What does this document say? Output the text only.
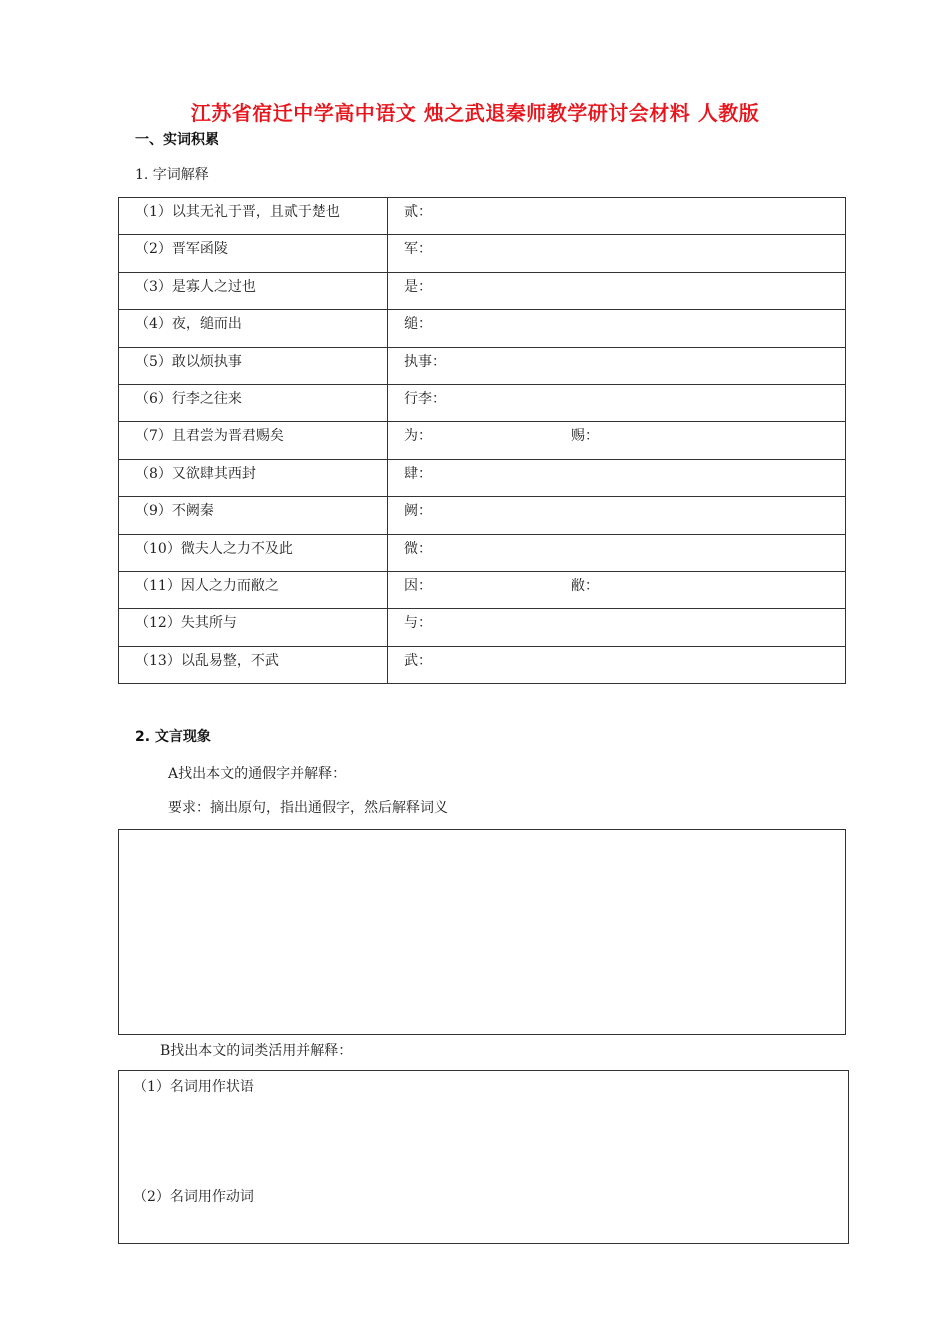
江苏省宿迁中学高中语文 烛之武退秦师教学研讨会材料 人教版
一、实词积累
1. 字词解释
（1）以其无礼于晋，且贰于楚也	贰：
（2）晋军函陵	军：
（3）是寡人之过也	是：
（4）夜，缒而出	缒：
（5）敢以烦执事	执事：
（6）行李之往来	行李：
（7）且君尝为晋君赐矣	为： 赐：
（8）又欲肆其西封	肆：
（9）不阙秦	阙：
（10）微夫人之力不及此	微：
（11）因人之力而敝之	因： 敝：
（12）失其所与	与：
（13）以乱易整，不武	武：
2. 文言现象
A找出本文的通假字并解释：
要求：摘出原句，指出通假字，然后解释词义
B找出本文的词类活用并解释：
（1）名词用作状语
（2）名词用作动词
